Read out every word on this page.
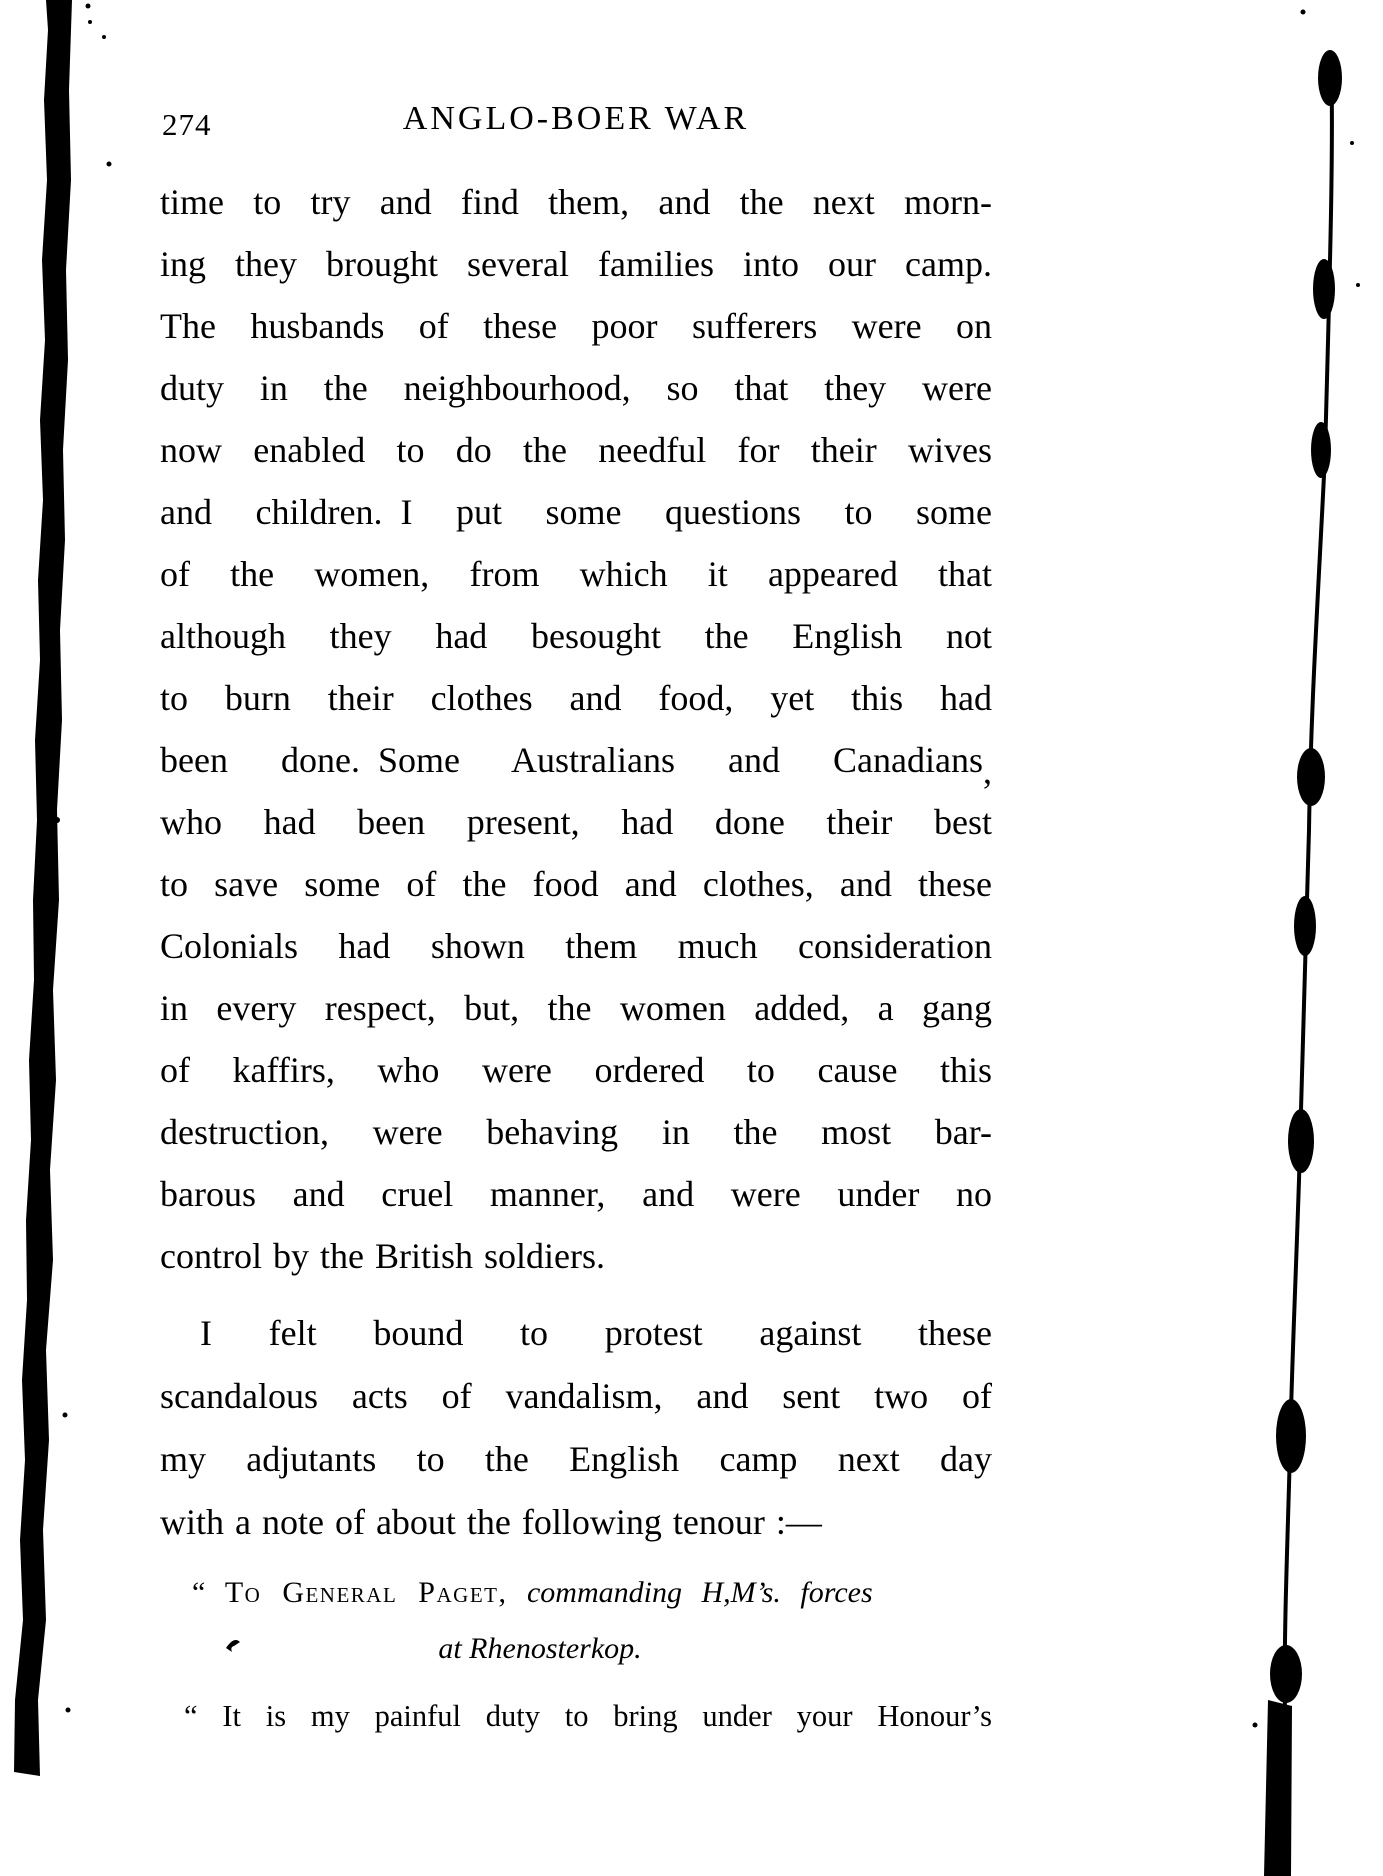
274	ANGLO-BOER WAR
time to try and find them, and the next morn-
ing they brought several families into our camp.
The husbands of these poor sufferers were on
duty in the neighbourhood, so that they were
now enabled to do the needful for their wives
and children. I put some questions to some
of the women, from which it appeared that
although they had besought the English not
to burn their clothes and food, yet this had
been done. Some Australians and Canadians,
who had been present, had done their best
to save some of the food and clothes, and these
Colonials had shown them much consideration
in every respect, but, the women added, a gang
of kaffirs, who were ordered to cause this
destruction, were behaving in the most bar-
barous and cruel manner, and were under no
control by the British soldiers.
I felt bound to protest against these
scandalous acts of vandalism, and sent two of
my adjutants to the English camp next day
with a note of about the following tenour :—
“ To General Paget, commanding H,M’s. forces
at Rhenosterkop.
“ It is my painful duty to bring under your Honour’s
